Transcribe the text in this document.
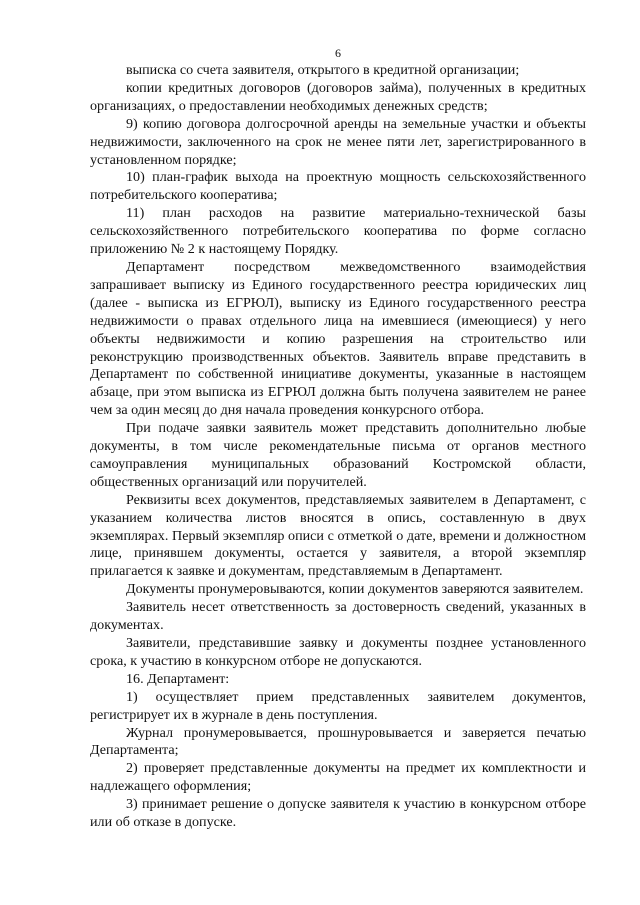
6

выписка со счета заявителя, открытого в кредитной организации;

копии кредитных договоров (договоров займа), полученных в кредитных организациях, о предоставлении необходимых денежных средств;

9) копию договора долгосрочной аренды на земельные участки и объекты недвижимости, заключенного на срок не менее пяти лет, зарегистрированного в установленном порядке;

10) план-график выхода на проектную мощность сельскохозяйственного потребительского кооператива;

11) план расходов на развитие материально-технической базы сельскохозяйственного потребительского кооператива по форме согласно приложению № 2 к настоящему Порядку.

Департамент посредством межведомственного взаимодействия запрашивает выписку из Единого государственного реестра юридических лиц (далее - выписка из ЕГРЮЛ), выписку из Единого государственного реестра недвижимости о правах отдельного лица на имевшиеся (имеющиеся) у него объекты недвижимости и копию разрешения на строительство или реконструкцию производственных объектов. Заявитель вправе представить в Департамент по собственной инициативе документы, указанные в настоящем абзаце, при этом выписка из ЕГРЮЛ должна быть получена заявителем не ранее чем за один месяц до дня начала проведения конкурсного отбора.

При подаче заявки заявитель может представить дополнительно любые документы, в том числе рекомендательные письма от органов местного самоуправления муниципальных образований Костромской области, общественных организаций или поручителей.

Реквизиты всех документов, представляемых заявителем в Департамент, с указанием количества листов вносятся в опись, составленную в двух экземплярах. Первый экземпляр описи с отметкой о дате, времени и должностном лице, принявшем документы, остается у заявителя, а второй экземпляр прилагается к заявке и документам, представляемым в Департамент.

Документы пронумеровываются, копии документов заверяются заявителем.

Заявитель несет ответственность за достоверность сведений, указанных в документах.

Заявители, представившие заявку и документы позднее установленного срока, к участию в конкурсном отборе не допускаются.

16. Департамент:

1) осуществляет прием представленных заявителем документов, регистрирует их в журнале в день поступления.

Журнал пронумеровывается, прошнуровывается и заверяется печатью Департамента;

2) проверяет представленные документы на предмет их комплектности и надлежащего оформления;

3) принимает решение о допуске заявителя к участию в конкурсном отборе или об отказе в допуске.
